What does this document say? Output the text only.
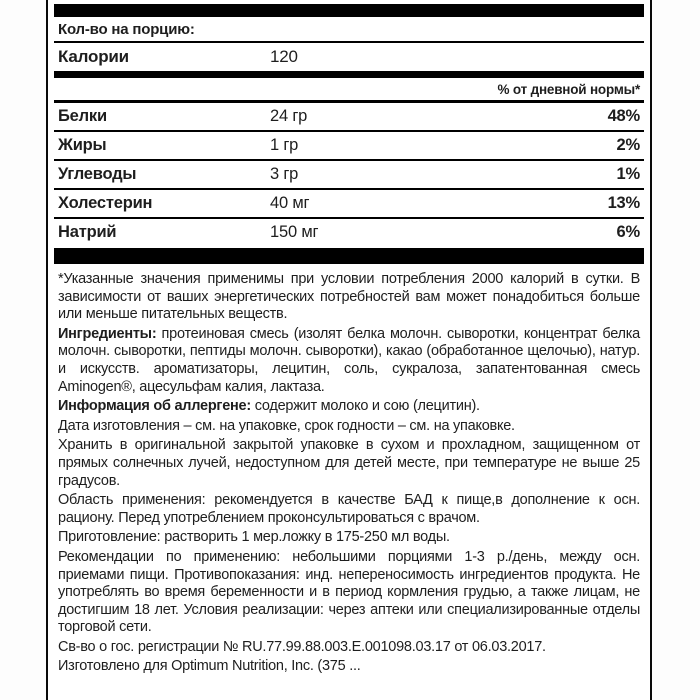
Кол-во на порцию:
Калории	120
% от дневной нормы*
Белки	24 гр	48%
Жиры	1 гр	2%
Углеводы	3 гр	1%
Холестерин	40 мг	13%
Натрий	150 мг	6%

*Указанные значения применимы при условии потребления 2000 калорий в сутки. В зависимости от ваших энергетических потребностей вам может понадобиться больше или меньше питательных веществ.

Ингредиенты: протеиновая смесь (изолят белка молочн. сыворотки, концентрат белка молочн. сыворотки, пептиды молочн. сыворотки), какао (обработанное щелочью), натур. и искусств. ароматизаторы, лецитин, соль, сукралоза, запатентованная смесь Aminogen®, ацесульфам калия, лактаза.

Информация об аллергене: содержит молоко и сою (лецитин).

Дата изготовления – см. на упаковке, срок годности – см. на упаковке.

Хранить в оригинальной закрытой упаковке в сухом и прохладном, защищенном от прямых солнечных лучей, недоступном для детей месте, при температуре не выше 25 градусов.

Область применения: рекомендуется в качестве БАД к пище,в дополнение к осн. рациону. Перед употреблением проконсультироваться с врачом.

Приготовление: растворить 1 мер.ложку в 175-250 мл воды.

Рекомендации по применению: небольшими порциями 1-3 р./день, между осн. приемами пищи. Противопоказания: инд. непереносимость ингредиентов продукта. Не употреблять во время беременности и в период кормления грудью, а также лицам, не достигшим 18 лет. Условия реализации: через аптеки или специализированные отделы торговой сети.

Св-во о гос. регистрации № RU.77.99.88.003.E.001098.03.17 от 06.03.2017.

Изготовлено для Optimum Nutrition, Inc. (375 ...
